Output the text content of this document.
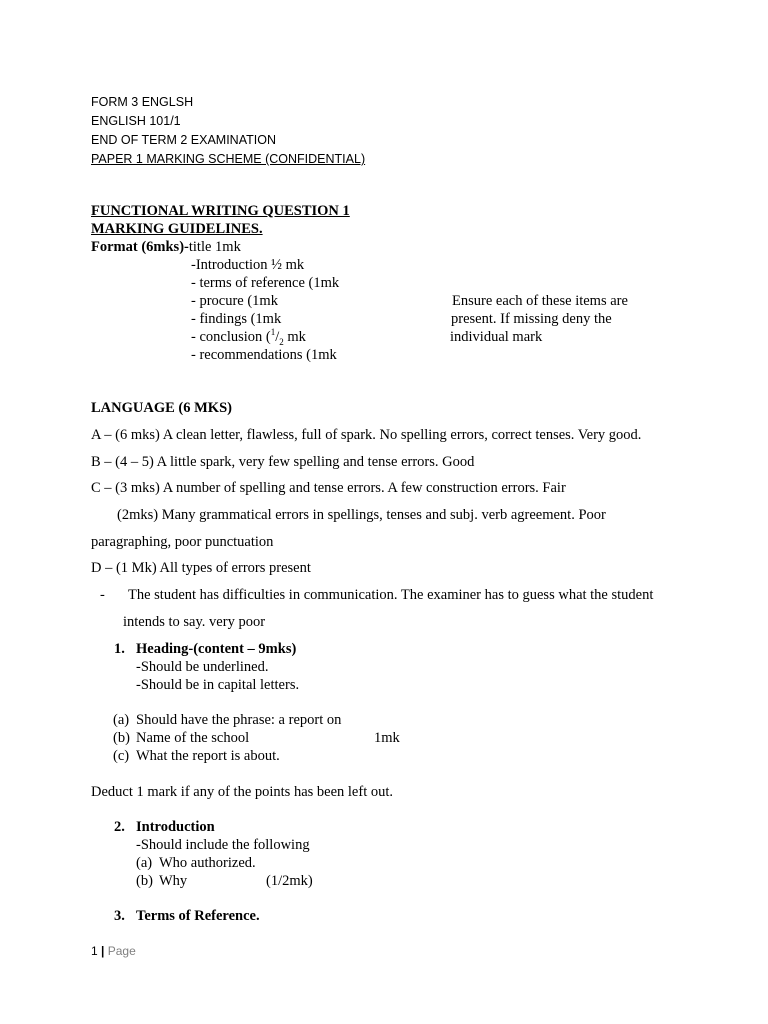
FORM 3 ENGLSH
ENGLISH 101/1
END OF TERM 2 EXAMINATION
PAPER 1 MARKING SCHEME (CONFIDENTIAL)
FUNCTIONAL WRITING QUESTION 1
MARKING GUIDELINES.
Format (6mks)-title 1mk
-Introduction ½ mk
- terms of reference (1mk
- procure (1mk
- findings (1mk
- conclusion ($^1/_2$ mk
- recommendations (1mk
Ensure each of these items are
present. If missing deny the
individual mark
LANGUAGE (6 MKS)
A – (6 mks) A clean letter, flawless, full of spark. No spelling errors, correct tenses. Very good.
B – (4 – 5) A little spark, very few spelling and tense errors. Good
C – (3 mks) A number of spelling and tense errors. A few construction errors. Fair
(2mks) Many grammatical errors in spellings, tenses and subj. verb agreement. Poor
paragraphing, poor punctuation
D – (1 Mk) All types of errors present
- The student has difficulties in communication. The examiner has to guess what the student
intends to say. very poor
1. Heading-(content – 9mks)
-Should be underlined.
-Should be in capital letters.
(a) Should have the phrase: a report on
(b) Name of the school	1mk
(c) What the report is about.
Deduct 1 mark if any of the points has been left out.
2. Introduction
-Should include the following
(a) Who authorized.
(b) Why	(1/2mk)
3. Terms of Reference.
1 | Page
